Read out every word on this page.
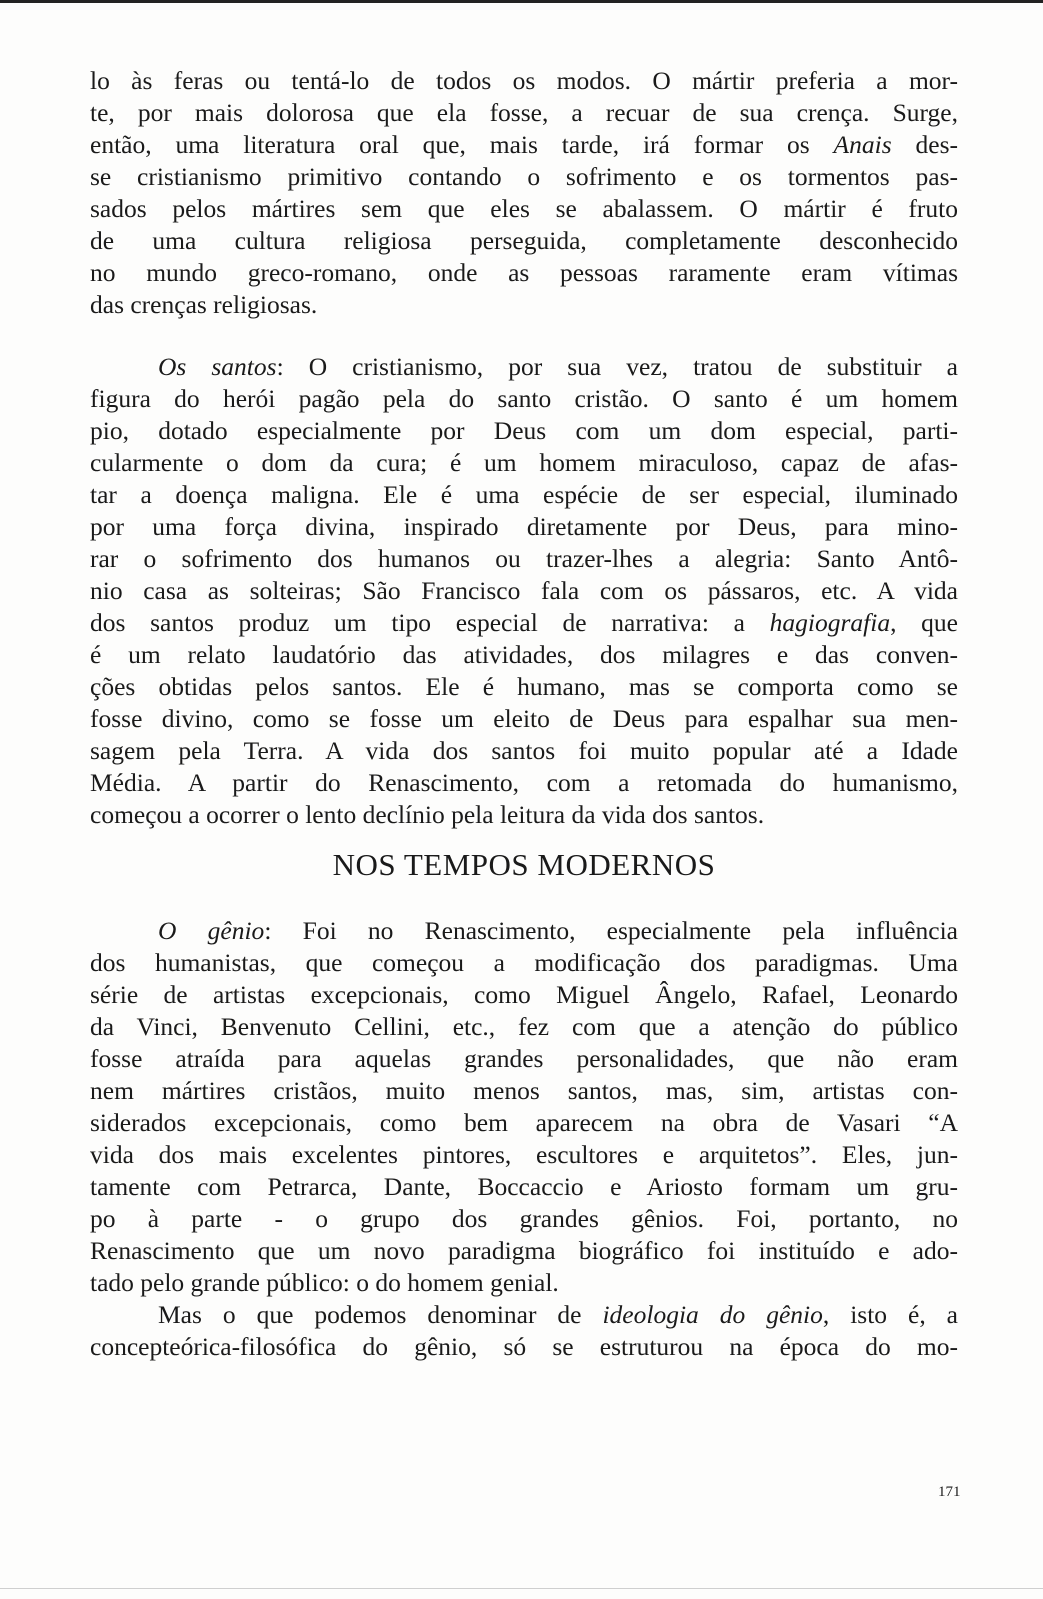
lo às feras ou tentá-lo de todos os modos. O mártir preferia a mor-
te, por mais dolorosa que ela fosse, a recuar de sua crença. Surge,
então, uma literatura oral que, mais tarde, irá formar os Anais des-
se cristianismo primitivo contando o sofrimento e os tormentos pas-
sados pelos mártires sem que eles se abalassem. O mártir é fruto
de uma cultura religiosa perseguida, completamente desconhecido
no mundo greco-romano, onde as pessoas raramente eram vítimas
das crenças religiosas.
Os santos: O cristianismo, por sua vez, tratou de substituir a
figura do herói pagão pela do santo cristão. O santo é um homem
pio, dotado especialmente por Deus com um dom especial, parti-
cularmente o dom da cura; é um homem miraculoso, capaz de afas-
tar a doença maligna. Ele é uma espécie de ser especial, iluminado
por uma força divina, inspirado diretamente por Deus, para mino-
rar o sofrimento dos humanos ou trazer-lhes a alegria: Santo Antô-
nio casa as solteiras; São Francisco fala com os pássaros, etc. A vida
dos santos produz um tipo especial de narrativa: a hagiografia, que
é um relato laudatório das atividades, dos milagres e das conven-
ções obtidas pelos santos. Ele é humano, mas se comporta como se
fosse divino, como se fosse um eleito de Deus para espalhar sua men-
sagem pela Terra. A vida dos santos foi muito popular até a Idade
Média. A partir do Renascimento, com a retomada do humanismo,
começou a ocorrer o lento declínio pela leitura da vida dos santos.
NOS TEMPOS MODERNOS
O gênio: Foi no Renascimento, especialmente pela influência
dos humanistas, que começou a modificação dos paradigmas. Uma
série de artistas excepcionais, como Miguel Ângelo, Rafael, Leonardo
da Vinci, Benvenuto Cellini, etc., fez com que a atenção do público
fosse atraída para aquelas grandes personalidades, que não eram
nem mártires cristãos, muito menos santos, mas, sim, artistas con-
siderados excepcionais, como bem aparecem na obra de Vasari “A
vida dos mais excelentes pintores, escultores e arquitetos”. Eles, jun-
tamente com Petrarca, Dante, Boccaccio e Ariosto formam um gru-
po à parte - o grupo dos grandes gênios. Foi, portanto, no
Renascimento que um novo paradigma biográfico foi instituído e ado-
tado pelo grande público: o do homem genial.
Mas o que podemos denominar de ideologia do gênio, isto é, a
concepteórica-filosófica do gênio, só se estruturou na época do mo-
171
